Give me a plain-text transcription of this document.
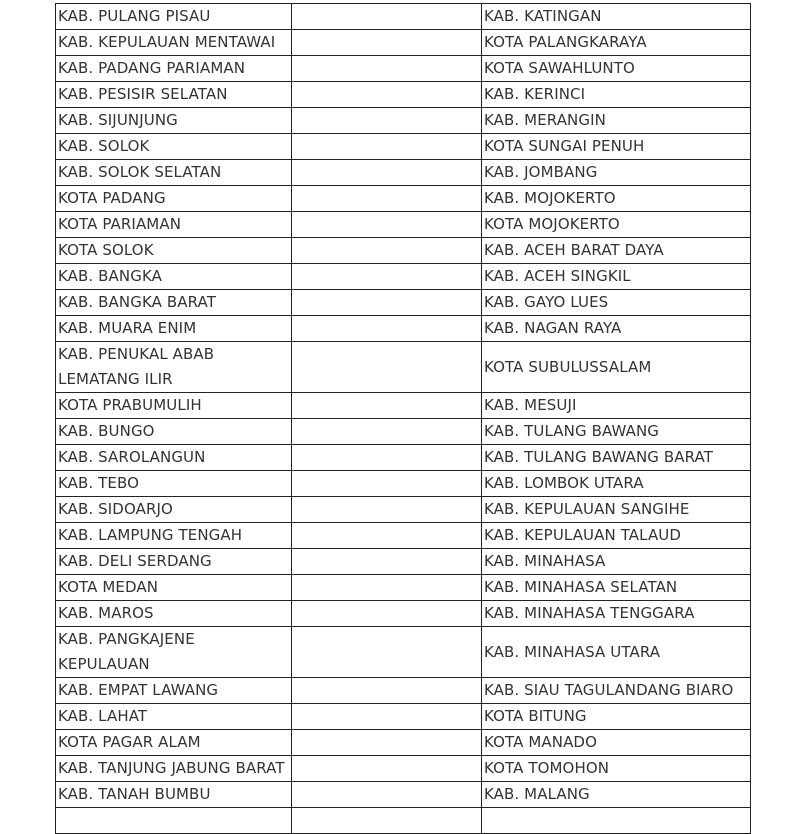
KAB. PULANG PISAU		KAB. KATINGAN
KAB. KEPULAUAN MENTAWAI		KOTA PALANGKARAYA
KAB. PADANG PARIAMAN		KOTA SAWAHLUNTO
KAB. PESISIR SELATAN		KAB. KERINCI
KAB. SIJUNJUNG		KAB. MERANGIN
KAB. SOLOK		KOTA SUNGAI PENUH
KAB. SOLOK SELATAN		KAB. JOMBANG
KOTA PADANG		KAB. MOJOKERTO
KOTA PARIAMAN		KOTA MOJOKERTO
KOTA SOLOK		KAB. ACEH BARAT DAYA
KAB. BANGKA		KAB. ACEH SINGKIL
KAB. BANGKA BARAT		KAB. GAYO LUES
KAB. MUARA ENIM		KAB. NAGAN RAYA

KAB. PENUKAL ABAB
LEMATANG ILIR		KOTA SUBULUSSALAM
KOTA PRABUMULIH		KAB. MESUJI
KAB. BUNGO		KAB. TULANG BAWANG
KAB. SAROLANGUN		KAB. TULANG BAWANG BARAT
KAB. TEBO		KAB. LOMBOK UTARA
KAB. SIDOARJO		KAB. KEPULAUAN SANGIHE
KAB. LAMPUNG TENGAH		KAB. KEPULAUAN TALAUD
KAB. DELI SERDANG		KAB. MINAHASA
KOTA MEDAN		KAB. MINAHASA SELATAN
KAB. MAROS		KAB. MINAHASA TENGGARA

KAB. PANGKAJENE
KEPULAUAN		KAB. MINAHASA UTARA
KAB. EMPAT LAWANG		KAB. SIAU TAGULANDANG BIARO
KAB. LAHAT		KOTA BITUNG
KOTA PAGAR ALAM		KOTA MANADO
KAB. TANJUNG JABUNG BARAT		KOTA TOMOHON
KAB. TANAH BUMBU		KAB. MALANG
